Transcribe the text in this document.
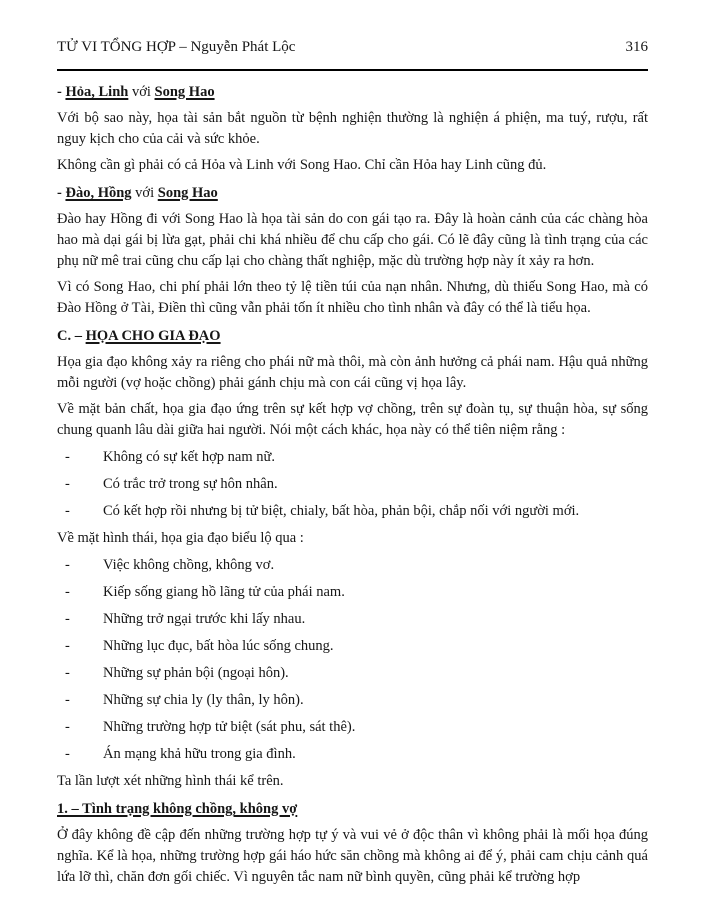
TỬ VI TỔNG HỢP – Nguyễn Phát Lộc	316
- Hỏa, Linh với Song Hao

Với bộ sao này, họa tài sản bắt nguồn từ bệnh nghiện thường là nghiện á phiện, ma tuý, rượu, rất nguy kịch cho của cải và sức khỏe.

Không cần gì phải có cả Hỏa và Linh với Song Hao. Chỉ cần Hỏa hay Linh cũng đủ.

- Đào, Hồng với Song Hao

Đào hay Hồng đi với Song Hao là họa tài sản do con gái tạo ra. Đây là hoàn cảnh của các chàng hòa hao mà dại gái bị lừa gạt, phải chi khá nhiều để chu cấp cho gái. Có lẽ đây cũng là tình trạng của các phụ nữ mê trai cũng chu cấp lại cho chàng thất nghiệp, mặc dù trường hợp này ít xảy ra hơn.

Vì có Song Hao, chi phí phải lớn theo tỷ lệ tiền túi của nạn nhân. Nhưng, dù thiếu Song Hao, mà có Đào Hồng ở Tài, Điền thì cũng vẫn phải tốn ít nhiều cho tình nhân và đây có thể là tiểu họa.

C. – HỌA CHO GIA ĐẠO

Họa gia đạo không xảy ra riêng cho phái nữ mà thôi, mà còn ảnh hưởng cả phái nam. Hậu quả những mỗi người (vợ hoặc chồng) phải gánh chịu mà con cái cũng vị họa lây.

Về mặt bản chất, họa gia đạo ứng trên sự kết hợp vợ chồng, trên sự đoàn tụ, sự thuận hòa, sự sống chung quanh lâu dài giữa hai người. Nói một cách khác, họa này có thể tiên niệm rằng :

- Không có sự kết hợp nam nữ.
- Có trắc trở trong sự hôn nhân.
- Có kết hợp rồi nhưng bị tử biệt, chialy, bất hòa, phản bội, chắp nối với người mới.

Về mặt hình thái, họa gia đạo biểu lộ qua :

- Việc không chồng, không vơ.
- Kiếp sống giang hồ lãng tử của phái nam.
- Những trở ngại trước khi lấy nhau.
- Những lục đục, bất hòa lúc sống chung.
- Những sự phản bội (ngoại hôn).
- Những sự chia ly (ly thân, ly hôn).
- Những trường hợp tử biệt (sát phu, sát thê).
- Án mạng khả hữu trong gia đình.

Ta lần lượt xét những hình thái kể trên.

1. – Tình trạng không chồng, không vợ

Ở đây không đề cập đến những trường hợp tự ý và vui vẻ ở độc thân vì không phải là mối họa đúng nghĩa. Kể là họa, những trường hợp gái háo hức săn chồng mà không ai để ý, phải cam chịu cảnh quá lứa lỡ thì, chăn đơn gối chiếc. Vì nguyên tắc nam nữ bình quyền, cũng phải kể trường hợp
